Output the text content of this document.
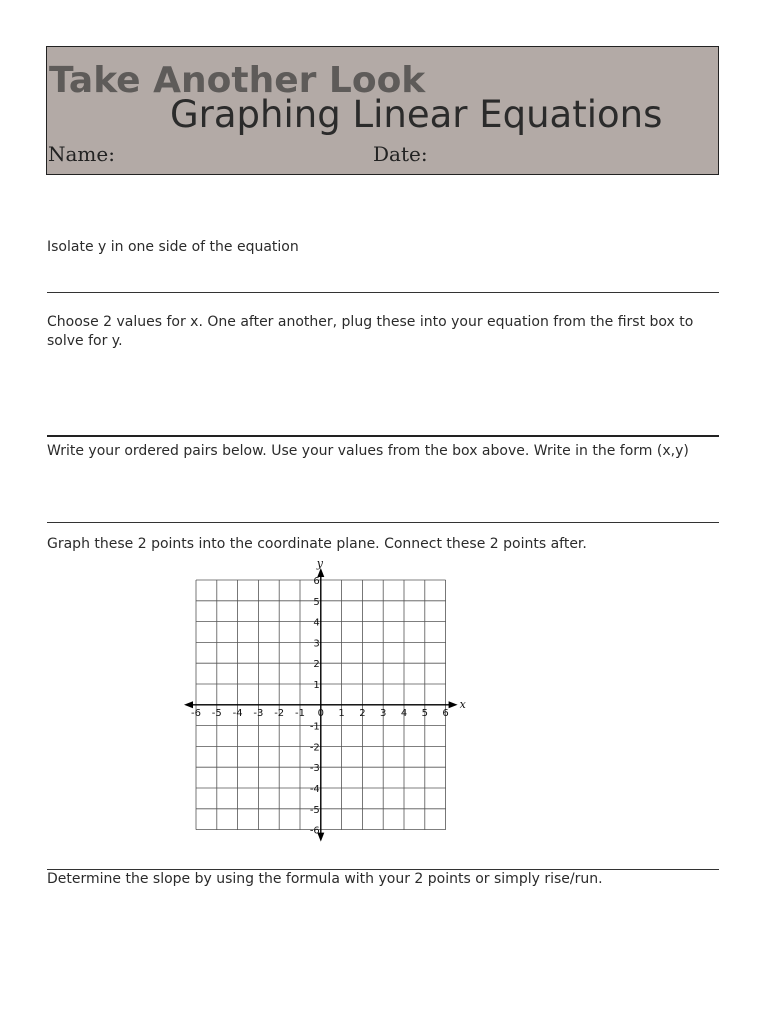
Take Another Look
Graphing Linear Equations
Name:	Date:
Isolate y in one side of the equation
Choose 2 values for x. One after another, plug these into your equation from the first box to solve for y.
Write your ordered pairs below. Use your values from the box above. Write in the form (x,y)
Graph these 2 points into the coordinate plane. Connect these 2 points after.
-6 -5 -4 -3 -2 -1 0 1 2 3 4 5 6
6
5
4
3
2
1
-1
-2
-3
-4
-5
-6
x
y
Determine the slope by using the formula with your 2 points or simply rise/run.
